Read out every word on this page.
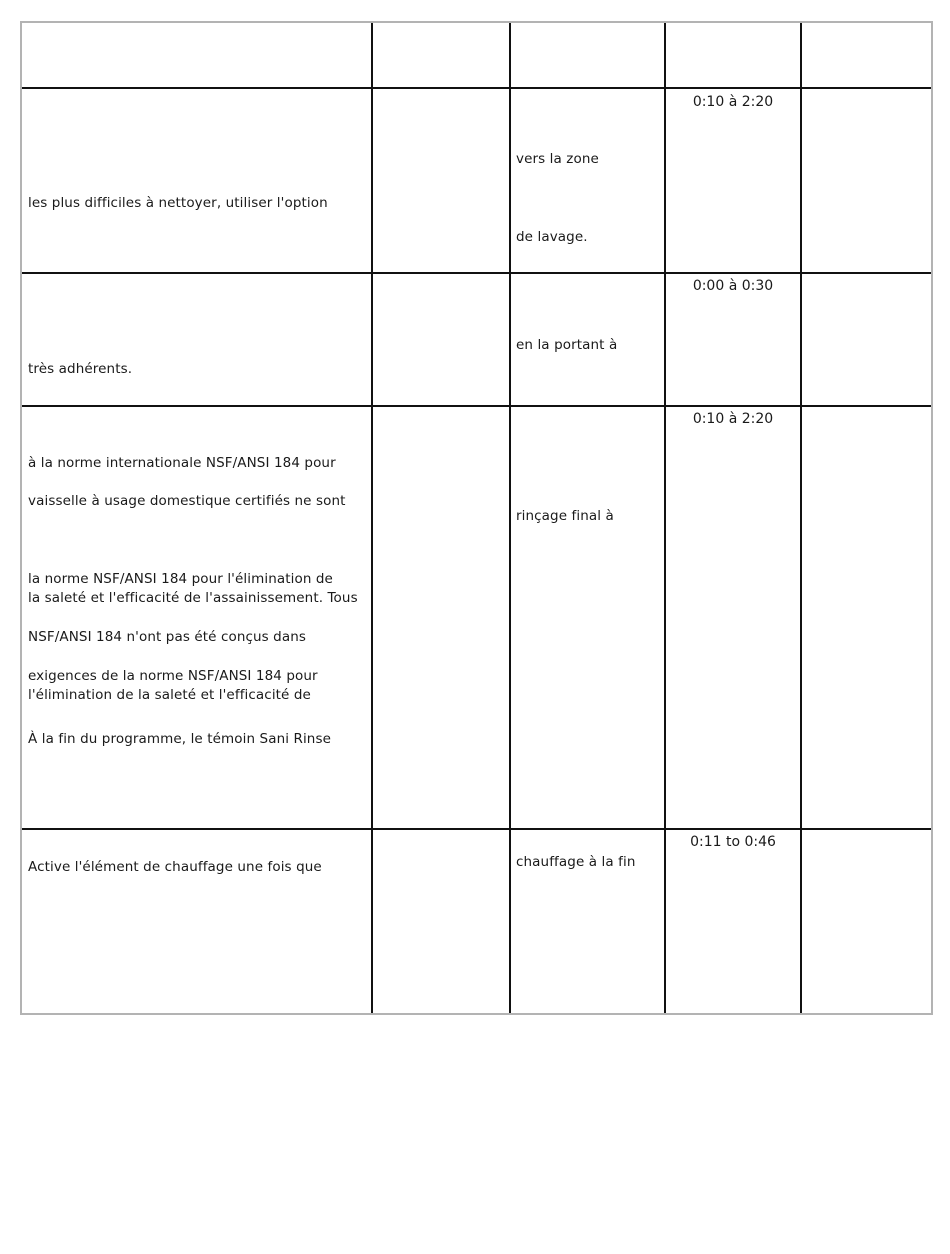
les plus difficiles à nettoyer, utiliser l'option
vers la zone
de lavage.
0:10 à 2:20
très adhérents.
en la portant à
0:00 à 0:30
à la norme internationale NSF/ANSI 184 pour
vaisselle à usage domestique certifiés ne sont
la norme NSF/ANSI 184 pour l'élimination de
la saleté et l'efficacité de l'assainissement. Tous
NSF/ANSI 184 n'ont pas été conçus dans
exigences de la norme NSF/ANSI 184 pour
l'élimination de la saleté et l'efficacité de
À la fin du programme, le témoin Sani Rinse
rinçage final à
0:10 à 2:20
Active l'élément de chauffage une fois que	chauffage à la fin
0:11 to 0:46
